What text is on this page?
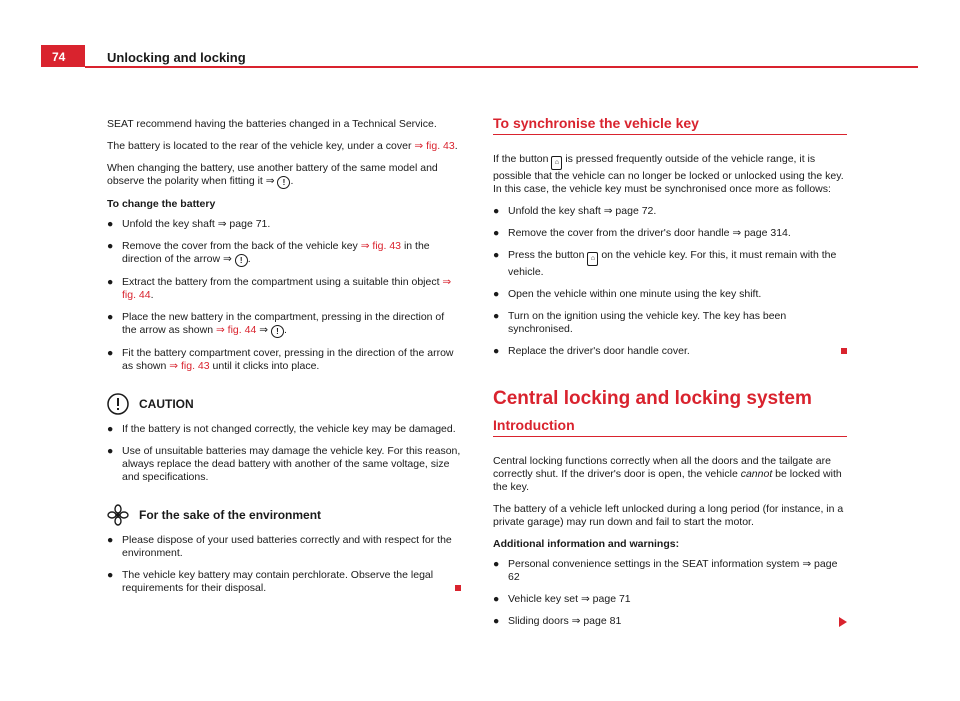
74	Unlocking and locking

SEAT recommend having the batteries changed in a Technical Service.

The battery is located to the rear of the vehicle key, under a cover ⇒ fig. 43.

When changing the battery, use another battery of the same model and observe the polarity when fitting it ⇒ ! .

To change the battery

● Unfold the key shaft ⇒ page 71.
● Remove the cover from the back of the vehicle key ⇒ fig. 43 in the direction of the arrow ⇒ ! .
● Extract the battery from the compartment using a suitable thin object ⇒ fig. 44.
● Place the new battery in the compartment, pressing in the direction of the arrow as shown ⇒ fig. 44 ⇒ ! .
● Fit the battery compartment cover, pressing in the direction of the arrow as shown ⇒ fig. 43 until it clicks into place.
CAUTION
● If the battery is not changed correctly, the vehicle key may be damaged.
● Use of unsuitable batteries may damage the vehicle key. For this reason, always replace the dead battery with another of the same voltage, size and specifications.
For the sake of the environment
● Please dispose of your used batteries correctly and with respect for the environment.
● The vehicle key battery may contain perchlorate. Observe the legal requirements for their disposal.
To synchronise the vehicle key

If the button ⌂ is pressed frequently outside of the vehicle range, it is possible that the vehicle can no longer be locked or unlocked using the key. In this case, the vehicle key must be synchronised once more as follows:

● Unfold the key shaft ⇒ page 72.
● Remove the cover from the driver's door handle ⇒ page 314.
● Press the button ⌂ on the vehicle key. For this, it must remain with the vehicle.
● Open the vehicle within one minute using the key shift.
● Turn on the ignition using the vehicle key. The key has been synchronised.
● Replace the driver's door handle cover.
Central locking and locking system
Introduction

Central locking functions correctly when all the doors and the tailgate are correctly shut. If the driver's door is open, the vehicle cannot be locked with the key.

The battery of a vehicle left unlocked during a long period (for instance, in a private garage) may run down and fail to start the motor.

Additional information and warnings:

● Personal convenience settings in the SEAT information system ⇒ page 62
● Vehicle key set ⇒ page 71
● Sliding doors ⇒ page 81
